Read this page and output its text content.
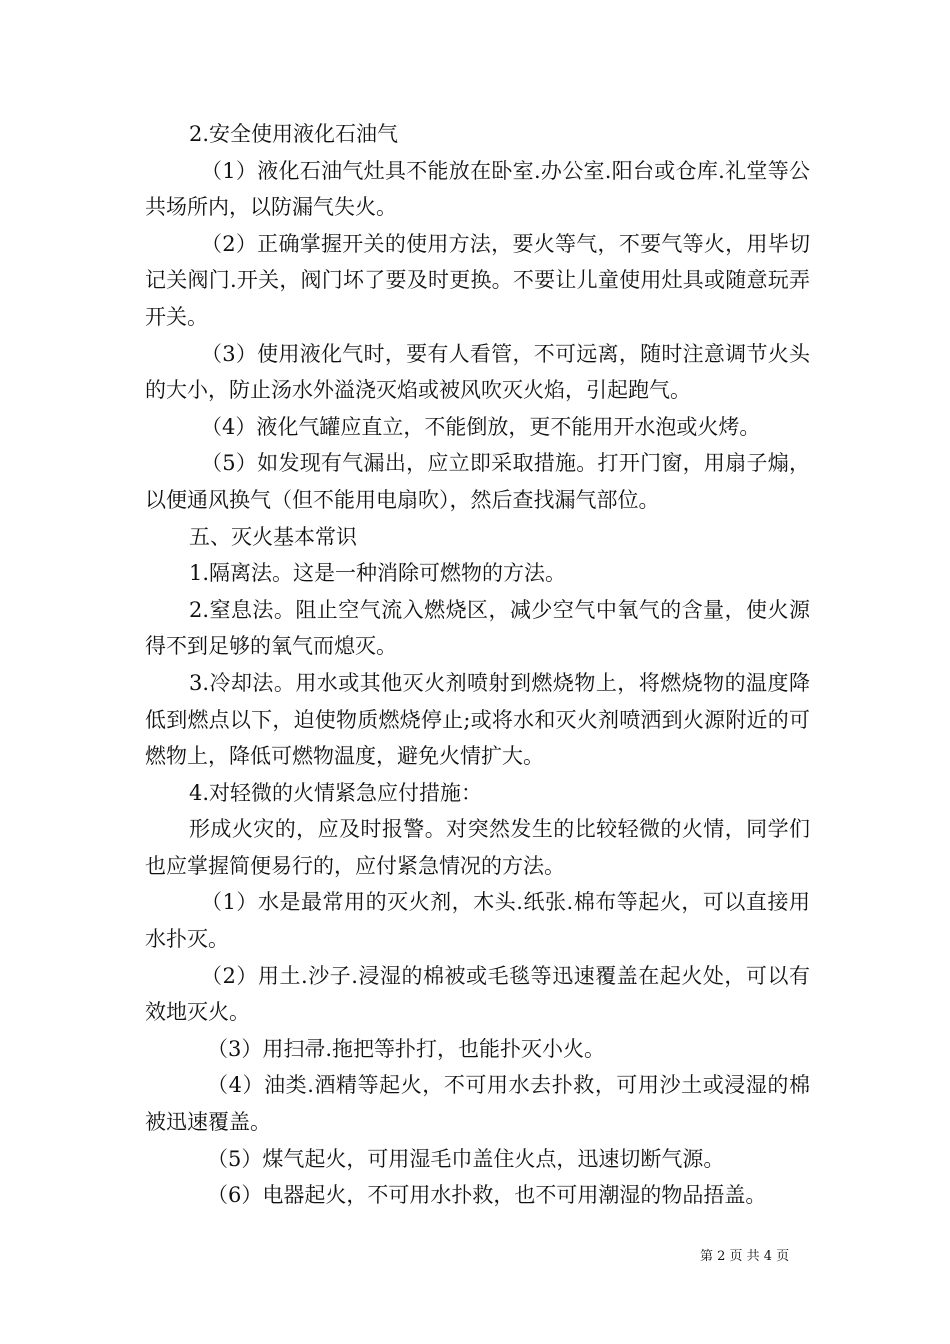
2.安全使用液化石油气

（1）液化石油气灶具不能放在卧室.办公室.阳台或仓库.礼堂等公共场所内，以防漏气失火。

（2）正确掌握开关的使用方法，要火等气，不要气等火，用毕切记关阀门.开关，阀门坏了要及时更换。不要让儿童使用灶具或随意玩弄开关。

（3）使用液化气时，要有人看管，不可远离，随时注意调节火头的大小，防止汤水外溢浇灭焰或被风吹灭火焰，引起跑气。

（4）液化气罐应直立，不能倒放，更不能用开水泡或火烤。

（5）如发现有气漏出，应立即采取措施。打开门窗，用扇子煽，以便通风换气（但不能用电扇吹），然后查找漏气部位。

五、灭火基本常识

1.隔离法。这是一种消除可燃物的方法。

2.窒息法。阻止空气流入燃烧区，减少空气中氧气的含量，使火源得不到足够的氧气而熄灭。

3.冷却法。用水或其他灭火剂喷射到燃烧物上，将燃烧物的温度降低到燃点以下，迫使物质燃烧停止;或将水和灭火剂喷洒到火源附近的可燃物上，降低可燃物温度，避免火情扩大。

4.对轻微的火情紧急应付措施：

形成火灾的，应及时报警。对突然发生的比较轻微的火情，同学们也应掌握简便易行的，应付紧急情况的方法。

（1）水是最常用的灭火剂，木头.纸张.棉布等起火，可以直接用水扑灭。

（2）用土.沙子.浸湿的棉被或毛毯等迅速覆盖在起火处，可以有效地灭火。

（3）用扫帚.拖把等扑打，也能扑灭小火。

（4）油类.酒精等起火，不可用水去扑救，可用沙土或浸湿的棉被迅速覆盖。

（5）煤气起火，可用湿毛巾盖住火点，迅速切断气源。

（6）电器起火，不可用水扑救，也不可用潮湿的物品捂盖。

第 2 页 共 4 页
